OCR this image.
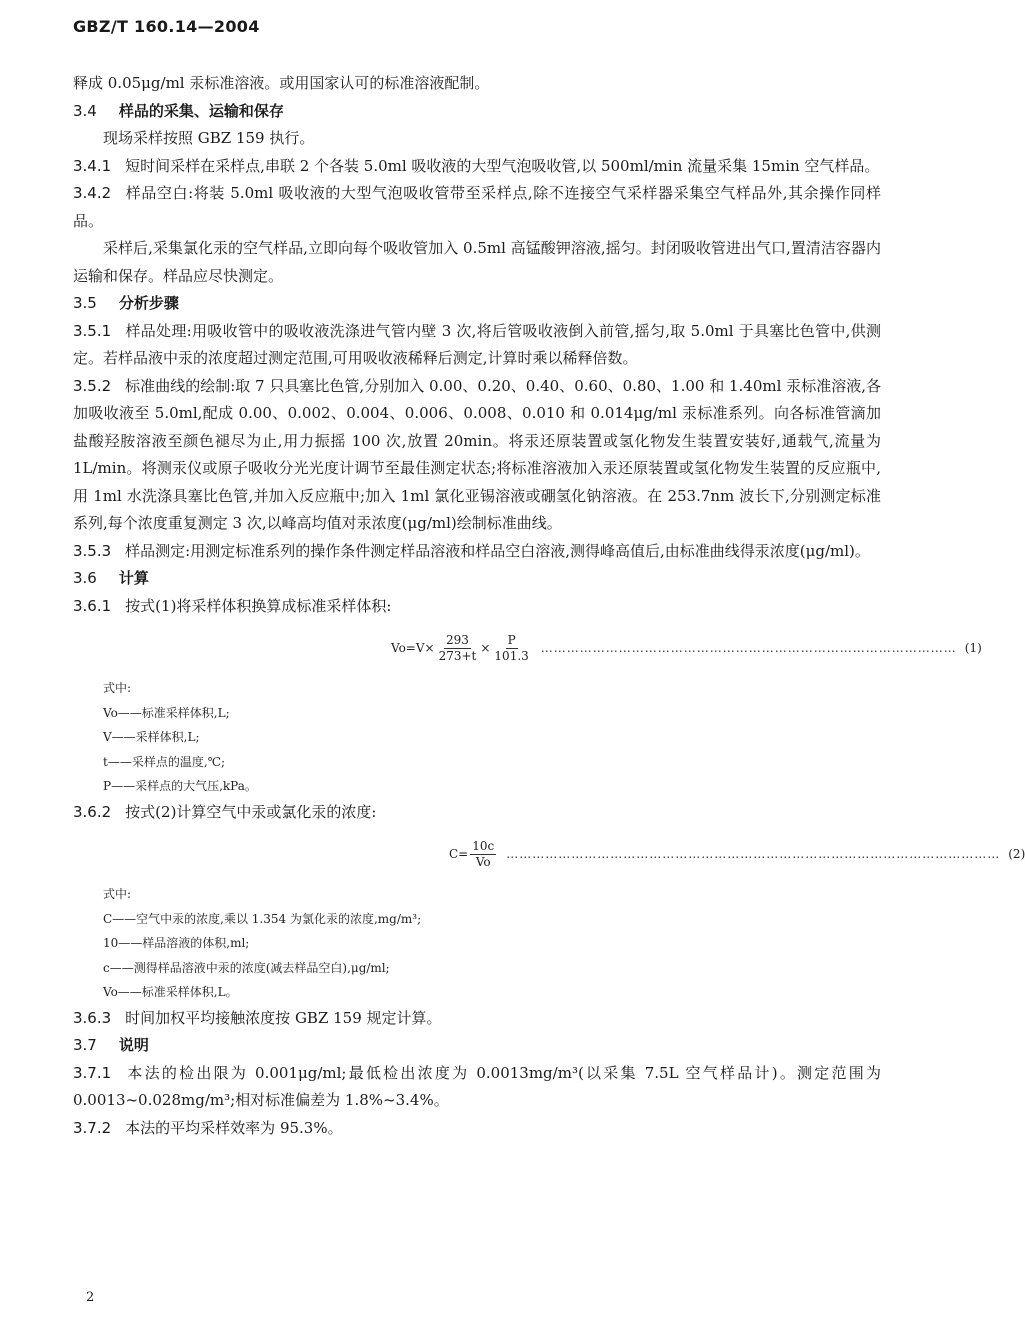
GBZ/T 160.14—2004

释成 0.05μg/ml 汞标准溶液。或用国家认可的标准溶液配制。

3.4 样品的采集、运输和保存

现场采样按照 GBZ 159 执行。

3.4.1 短时间采样在采样点,串联 2 个各装 5.0ml 吸收液的大型气泡吸收管,以 500ml/min 流量采集 15min 空气样品。

3.4.2 样品空白:将装 5.0ml 吸收液的大型气泡吸收管带至采样点,除不连接空气采样器采集空气样品外,其余操作同样品。

采样后,采集氯化汞的空气样品,立即向每个吸收管加入 0.5ml 高锰酸钾溶液,摇匀。封闭吸收管进出气口,置清洁容器内运输和保存。样品应尽快测定。

3.5 分析步骤

3.5.1 样品处理:用吸收管中的吸收液洗涤进气管内壁 3 次,将后管吸收液倒入前管,摇匀,取 5.0ml 于具塞比色管中,供测定。若样品液中汞的浓度超过测定范围,可用吸收液稀释后测定,计算时乘以稀释倍数。

3.5.2 标准曲线的绘制:取 7 只具塞比色管,分别加入 0.00、0.20、0.40、0.60、0.80、1.00 和 1.40ml 汞标准溶液,各加吸收液至 5.0ml,配成 0.00、0.002、0.004、0.006、0.008、0.010 和 0.014μg/ml 汞标准系列。向各标准管滴加盐酸羟胺溶液至颜色褪尽为止,用力振摇 100 次,放置 20min。将汞还原装置或氢化物发生装置安装好,通载气,流量为 1L/min。将测汞仪或原子吸收分光光度计调节至最佳测定状态;将标准溶液加入汞还原装置或氢化物发生装置的反应瓶中,用 1ml 水洗涤具塞比色管,并加入反应瓶中;加入 1ml 氯化亚锡溶液或硼氢化钠溶液。在 253.7nm 波长下,分别测定标准系列,每个浓度重复测定 3 次,以峰高均值对汞浓度(μg/ml)绘制标准曲线。

3.5.3 样品测定:用测定标准系列的操作条件测定样品溶液和样品空白溶液,测得峰高值后,由标准曲线得汞浓度(μg/ml)。

3.6 计算

3.6.1 按式(1)将采样体积换算成标准采样体积:

$Vo=V\times \frac{293}{273+t} \times \frac{P}{101.3}$ …………………………………………………………………………………… (1)

式中:

Vo——标准采样体积,L;

V——采样体积,L;

t——采样点的温度,℃;

P——采样点的大气压,kPa。

3.6.2 按式(2)计算空气中汞或氯化汞的浓度:

$C= \frac{10c}{Vo}$ …………………………………………………………………………………………………… (2)

式中:

C——空气中汞的浓度,乘以 1.354 为氯化汞的浓度,mg/m³;

10——样品溶液的体积,ml;

c——测得样品溶液中汞的浓度(减去样品空白),μg/ml;

Vo——标准采样体积,L。

3.6.3 时间加权平均接触浓度按 GBZ 159 规定计算。

3.7 说明

3.7.1 本法的检出限为 0.001μg/ml;最低检出浓度为 0.0013mg/m³(以采集 7.5L 空气样品计)。测定范围为 0.0013~0.028mg/m³;相对标准偏差为 1.8%~3.4%。

3.7.2 本法的平均采样效率为 95.3%。

2
